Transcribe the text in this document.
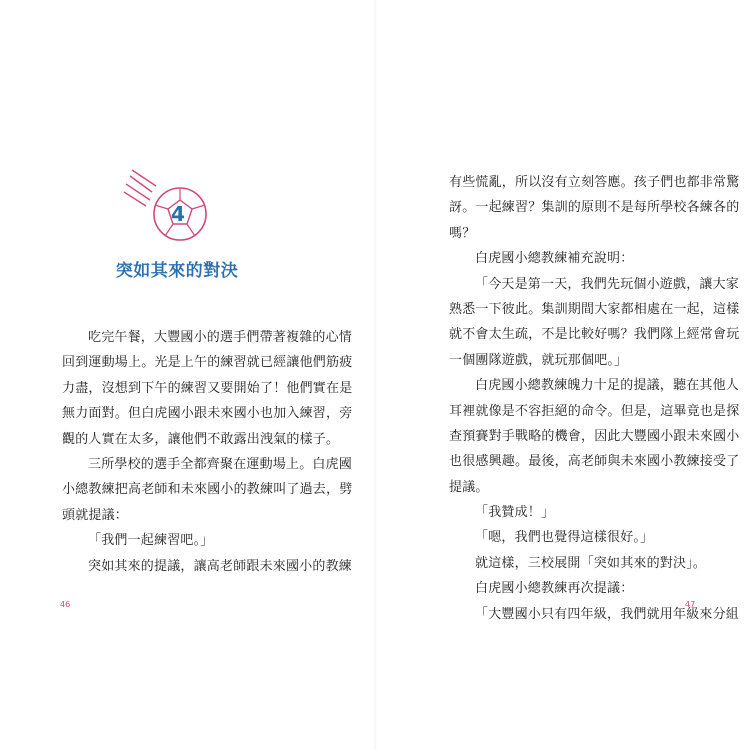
4
突如其來的對決
吃完午餐，大豐國小的選手們帶著複雜的心情
回到運動場上。光是上午的練習就已經讓他們筋疲
力盡，沒想到下午的練習又要開始了！他們實在是
無力面對。但白虎國小跟未來國小也加入練習，旁
觀的人實在太多，讓他們不敢露出洩氣的樣子。
三所學校的選手全都齊聚在運動場上。白虎國
小總教練把高老師和未來國小的教練叫了過去，劈
頭就提議：
「我們一起練習吧。」
突如其來的提議，讓高老師跟未來國小的教練
46
有些慌亂，所以沒有立刻答應。孩子們也都非常驚
訝。一起練習？集訓的原則不是每所學校各練各的
嗎？
白虎國小總教練補充說明：
「今天是第一天，我們先玩個小遊戲，讓大家
熟悉一下彼此。集訓期間大家都相處在一起，這樣
就不會太生疏，不是比較好嗎？我們隊上經常會玩
一個團隊遊戲，就玩那個吧。」
白虎國小總教練魄力十足的提議，聽在其他人
耳裡就像是不容拒絕的命令。但是，這畢竟也是探
查預賽對手戰略的機會，因此大豐國小跟未來國小
也很感興趣。最後，高老師與未來國小教練接受了
提議。
「我贊成！」
「嗯，我們也覺得這樣很好。」
就這樣，三校展開「突如其來的對決」。
白虎國小總教練再次提議：
「大豐國小只有四年級，我們就用年級來分組
47
